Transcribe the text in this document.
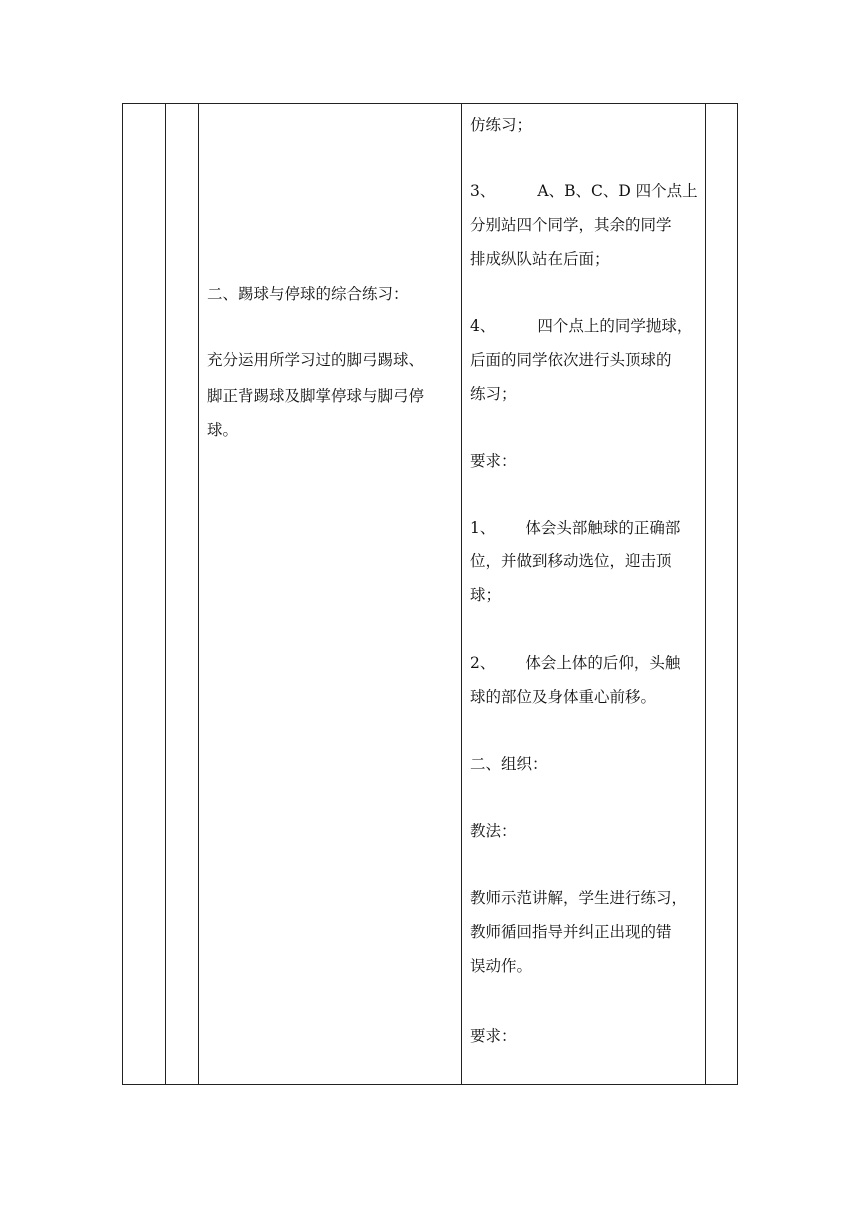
二、踢球与停球的综合练习：
充分运用所学习过的脚弓踢球、
脚正背踢球及脚掌停球与脚弓停
球。
仿练习；
3、	A、B、C、D 四个点上
分别站四个同学，其余的同学
排成纵队站在后面；
4、	四个点上的同学抛球，
后面的同学依次进行头顶球的
练习；
要求：
1、 体会头部触球的正确部
位，并做到移动选位，迎击顶
球；
2、 体会上体的后仰，头触
球的部位及身体重心前移。
二、组织：
教法：
教师示范讲解，学生进行练习，
教师循回指导并纠正出现的错
误动作。
要求：
